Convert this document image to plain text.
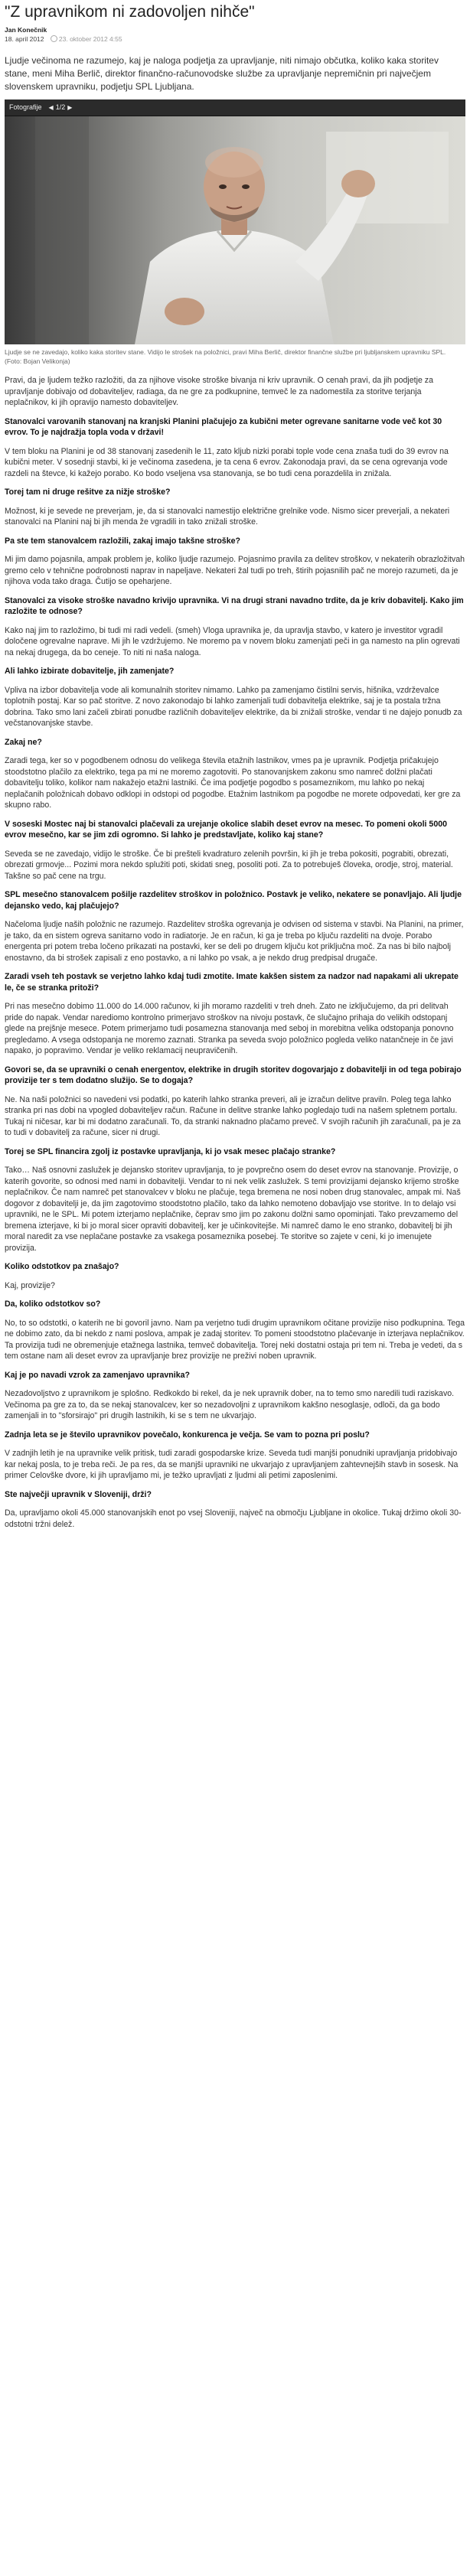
"Z upravnikom ni zadovoljen nihče"
Jan Konečnik
18. april 2012 23. oktober 2012 4:55

Ljudje večinoma ne razumejo, kaj je naloga podjetja za upravljanje, niti nimajo občutka, koliko kaka storitev stane, meni Miha Berlič, direktor finančno-računovodske službe za upravljanje nepremičnin pri največjem slovenskem upravniku, podjetju SPL Ljubljana.

Fotografije ◀ 1/2 ▶
Ljudje se ne zavedajo, koliko kaka storitev stane. Vidijo le strošek na položnici, pravi Miha Berlič, direktor finančne službe pri ljubljanskem upravniku SPL. (Foto: Bojan Velikonja)

Pravi, da je ljudem težko razložiti, da za njihove visoke stroške bivanja ni kriv upravnik. O cenah pravi, da jih podjetje za upravljanje dobivajo od dobaviteljev, radiaga, da ne gre za podkupnine, temveč le za nadomestila za storitve terjanja neplačnikov, ki jih opravijo namesto dobaviteljev.

Stanovalci varovanih stanovanj na kranjski Planini plačujejo za kubični meter ogrevane sanitarne vode več kot 30 evrov. To je najdražja topla voda v državi!

V tem bloku na Planini je od 38 stanovanj zasedenih le 11, zato kljub nizki porabi tople vode cena znaša tudi do 39 evrov na kubični meter. V sosednji stavbi, ki je večinoma zasedena, je ta cena 6 evrov. Zakonodaja pravi, da se cena ogrevanja vode razdeli na števce, ki kažejo porabo. Ko bodo vseljena vsa stanovanja, se bo tudi cena porazdelila in znižala.

Torej tam ni druge rešitve za nižje stroške?

Možnost, ki je sevede ne preverjam, je, da si stanovalci namestijo električne grelnike vode. Nismo sicer preverjali, a nekateri stanovalci na Planini naj bi jih menda že vgradili in tako znižali stroške.

Pa ste tem stanovalcem razložili, zakaj imajo takšne stroške?

Mi jim damo pojasnila, ampak problem je, koliko ljudje razumejo. Pojasnimo pravila za delitev stroškov, v nekaterih obrazložitvah gremo celo v tehnične podrobnosti naprav in napeljave. Nekateri žal tudi po treh, štirih pojasnilih pač ne morejo razumeti, da je njihova voda tako draga. Čutijo se opeharjene.

Stanovalci za visoke stroške navadno krivijo upravnika. Vi na drugi strani navadno trdite, da je kriv dobavitelj. Kako jim razložite te odnose?

Kako naj jim to razložimo, bi tudi mi radi vedeli. (smeh) Vloga upravnika je, da upravlja stavbo, v katero je investitor vgradil določene ogrevalne naprave. Mi jih le vzdržujemo. Ne moremo pa v novem bloku zamenjati peči in ga namesto na plin ogrevati na nekaj drugega, da bo ceneje. To niti ni naša naloga.

Ali lahko izbirate dobavitelje, jih zamenjate?

Vpliva na izbor dobavitelja vode ali komunalnih storitev nimamo. Lahko pa zamenjamo čistilni servis, hišnika, vzdrževalce toplotnih postaj. Kar so pač storitve. Z novo zakonodajo bi lahko zamenjali tudi dobavitelja elektrike, saj je ta postala tržna dobrina. Tako smo lani začeli zbirati ponudbe različnih dobaviteljev elektrike, da bi znižali stroške, vendar ti ne dajejo ponudb za večstanovanjske stavbe.

Zakaj ne?

Zaradi tega, ker so v pogodbenem odnosu do velikega števila etažnih lastnikov, vmes pa je upravnik. Podjetja pričakujejo stoodstotno plačilo za elektriko, tega pa mi ne moremo zagotoviti. Po stanovanjskem zakonu smo namreč dolžni plačati dobavitelju toliko, kolikor nam nakažejo etažni lastniki. Če ima podjetje pogodbo s posameznikom, mu lahko po nekaj neplačanih položnicah dobavo odklopi in odstopi od pogodbe. Etažnim lastnikom pa pogodbe ne morete odpovedati, ker gre za skupno rabo.

V soseski Mostec naj bi stanovalci plačevali za urejanje okolice slabih deset evrov na mesec. To pomeni okoli 5000 evrov mesečno, kar se jim zdi ogromno. Si lahko je predstavljate, koliko kaj stane?

Seveda se ne zavedajo, vidijo le stroške. Če bi prešteli kvadraturo zelenih površin, ki jih je treba pokositi, pograbiti, obrezati, obrezati grmovje... Pozimi mora nekdo splužiti poti, skidati sneg, posoliti poti. Za to potrebuješ človeka, orodje, stroj, material. Takšne so pač cene na trgu.

SPL mesečno stanovalcem pošilje razdelitev stroškov in položnico. Postavk je veliko, nekatere se ponavljajo. Ali ljudje dejansko vedo, kaj plačujejo?

Načeloma ljudje naših položnic ne razumejo. Razdelitev stroška ogrevanja je odvisen od sistema v stavbi. Na Planini, na primer, je tako, da en sistem ogreva sanitarno vodo in radiatorje. Je en račun, ki ga je treba po ključu razdeliti na dvoje. Porabo energenta pri potem treba ločeno prikazati na postavki, ker se deli po drugem ključu kot priključna moč. Za nas bi bilo najbolj enostavno, da bi strošek zapisali z eno postavko, a ni lahko po vsak, a je nekdo drug predpisal drugače.

Zaradi vseh teh postavk se verjetno lahko kdaj tudi zmotite. Imate kakšen sistem za nadzor nad napakami ali ukrepate le, če se stranka pritoži?

Pri nas mesečno dobimo 11.000 do 14.000 računov, ki jih moramo razdeliti v treh dneh. Zato ne izključujemo, da pri delitvah pride do napak. Vendar narediomo kontrolno primerjavo stroškov na nivoju postavk, če slučajno prihaja do velikih odstopanj glede na prejšnje mesece. Potem primerjamo tudi posamezna stanovanja med seboj in morebitna velika odstopanja ponovno pregledamo. A vsega odstopanja ne moremo zaznati. Stranka pa seveda svojo položnico pogleda veliko natančneje in če javi napako, jo popravimo. Vendar je veliko reklamacij neupravičenih.

Govori se, da se upravniki o cenah energentov, elektrike in drugih storitev dogovarjajo z dobavitelji in od tega pobirajo provizije ter s tem dodatno služijo. Se to dogaja?

Ne. Na naši položnici so navedeni vsi podatki, po katerih lahko stranka preveri, ali je izračun delitve praviln. Poleg tega lahko stranka pri nas dobi na vpogled dobaviteljev račun. Račune in delitve stranke lahko pogledajo tudi na našem spletnem portalu. Tukaj ni ničesar, kar bi mi dodatno zaračunali. To, da stranki naknadno plačamo preveč. V svojih računih jih zaračunali, pa je za to tudi v dobavitelj za račune, sicer ni drugi.

Torej se SPL financira zgolj iz postavke upravljanja, ki jo vsak mesec plačajo stranke?

Tako… Naš osnovni zaslužek je dejansko storitev upravljanja, to je povprečno osem do deset evrov na stanovanje. Provizije, o katerih govorite, so odnosi med nami in dobavitelji. Vendar to ni nek velik zaslužek. S temi provizijami dejansko krijemo stroške neplačnikov. Če nam namreč pet stanovalcev v bloku ne plačuje, tega bremena ne nosi noben drug stanovalec, ampak mi. Naš dogovor z dobavitelji je, da jim zagotovimo stoodstotno plačilo, tako da lahko nemoteno dobavljajo vse storitve. In to delajo vsi upravniki, ne le SPL. Mi potem izterjamo neplačnike, čeprav smo jim po zakonu dolžni samo opominjati. Tako prevzamemo del bremena izterjave, ki bi jo moral sicer opraviti dobavitelj, ker je učinkovitejše. Mi namreč damo le eno stranko, dobavitelj bi jih moral naredit za vse neplačane postavke za vsakega posameznika posebej. Te storitve so zajete v ceni, ki jo imenujete provizija.

Koliko odstotkov pa znašajo?

Kaj, provizije?

Da, koliko odstotkov so?

No, to so odstotki, o katerih ne bi govoril javno. Nam pa verjetno tudi drugim upravnikom očitane provizije niso podkupnina. Tega ne dobimo zato, da bi nekdo z nami poslova, ampak je zadaj storitev. To pomeni stoodstotno plačevanje in izterjava neplačnikov. Ta provizija tudi ne obremenjuje etažnega lastnika, temveč dobavitelja. Torej neki dostatni ostaja pri tem ni. Treba je vedeti, da s tem ostane nam ali deset evrov za upravljanje brez provizije ne preživi noben upravnik.

Kaj je po navadi vzrok za zamenjavo upravnika?

Nezadovoljstvo z upravnikom je splošno. Redkokdo bi rekel, da je nek upravnik dober, na to temo smo naredili tudi raziskavo. Večinoma pa gre za to, da se nekaj stanovalcev, ker so nezadovoljni z upravnikom kakšno nesoglasje, odloči, da ga bodo zamenjali in to "sforsirajo" pri drugih lastnikih, ki se s tem ne ukvarjajo.

Zadnja leta se je število upravnikov povečalo, konkurenca je večja. Se vam to pozna pri poslu?

V zadnjih letih je na upravnike velik pritisk, tudi zaradi gospodarske krize. Seveda tudi manjši ponudniki upravljanja pridobivajo kar nekaj posla, to je treba reči. Je pa res, da se manjši upravniki ne ukvarjajo z upravljanjem zahtevnejših stavb in sosesk. Na primer Celovške dvore, ki jih upravljamo mi, je težko upravljati z ljudmi ali petimi zaposlenimi.

Ste največji upravnik v Sloveniji, drži?

Da, upravljamo okoli 45.000 stanovanjskih enot po vsej Sloveniji, največ na območju Ljubljane in okolice. Tukaj držimo okoli 30-odstotni tržni delež.
